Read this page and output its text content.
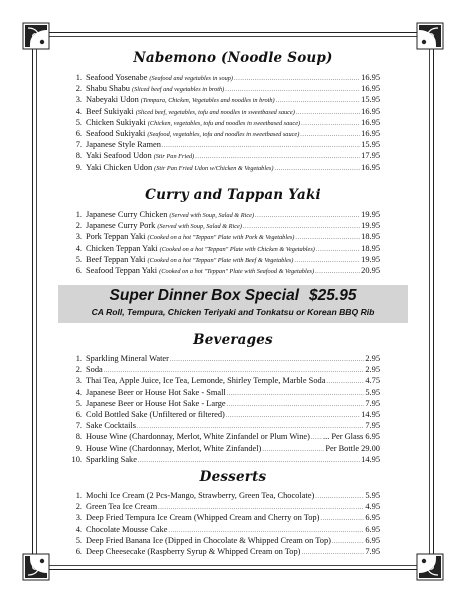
Nabemono (Noodle Soup)
1. Seafood Yosenabe (Seafood and vegetables in soup) .....	16.95
2. Shabu Shabu (Sliced beef and vegetables in broth) .....	16.95
3. Nabeyaki Udon (Tempura, Chicken, Vegetables and noodles in broth) .....	15.95
4. Beef Sukiyaki (Sliced beef, vegetables, tofu and noodles in sweetbased sauce) .....	16.95
5. Chicken Sukiyaki (Chicken, vegetables, tofu and noodles in sweetbased sauce) .....	16.95
6. Seafood Sukiyaki (Seafood, vegetables, tofu and noodles in sweetbased sauce) .....	16.95
7. Japanese Style Ramen .....	15.95
8. Yaki Seafood Udon (Stir Pan Fried) .....	17.95
9. Yaki Chicken Udon (Stir Pan Fried Udon w/Chicken & Vegetables) .....	16.95
Curry and Tappan Yaki
1. Japanese Curry Chicken (Served with Soup, Salad & Rice) .....	19.95
2. Japanese Curry Pork (Served with Soup, Salad & Rice) .....	19.95
3. Pork Teppan Yaki (Cooked on a hot "Teppan" Plate with Pork & Vegetables) .....	18.95
4. Chicken Teppan Yaki (Cooked on a hot "Teppan" Plate with Chicken & Vegetables) .....	18.95
5. Beef Teppan Yaki (Cooked on a hot "Teppan" Plate with Beef & Vegetables) .....	19.95
6. Seafood Teppan Yaki (Cooked on a hot "Teppan" Plate with Seafood & Vegetables) .....	20.95
Super Dinner Box Special $25.95
CA Roll, Tempura, Chicken Teriyaki and Tonkatsu or Korean BBQ Rib
Beverages
1. Sparkling Mineral Water .....	2.95
2. Soda .....	2.95
3. Thai Tea, Apple Juice, Ice Tea, Lemonde, Shirley Temple, Marble Soda .....	4.75
4. Japanese Beer or House Hot Sake - Small .....	5.95
5. Japanese Beer or House Hot Sake - Large .....	7.95
6. Cold Bottled Sake (Unfiltered or filtered) .....	14.95
7. Sake Cocktails .....	7.95
8. House Wine (Chardonnay, Merlot, White Zinfandel or Plum Wine) ..... ... Per Glass 6.95
9. House Wine (Chardonnay, Merlot, White Zinfandel) .....	Per Bottle 29.00
10. Sparkling Sake .....	14.95
Desserts
1. Mochi Ice Cream (2 Pcs-Mango, Strawberry, Green Tea, Chocolate) .....	5.95
2. Green Tea Ice Cream .....	4.95
3. Deep Fried Tempura Ice Cream (Whipped Cream and Cherry on Top) .....	6.95
4. Chocolate Mousse Cake .....	6.95
5. Deep Fried Banana Ice (Dipped in Chocolate & Whipped Cream on Top) .....	6.95
6. Deep Cheesecake (Raspberry Syrup & Whipped Cream on Top) .....	7.95
